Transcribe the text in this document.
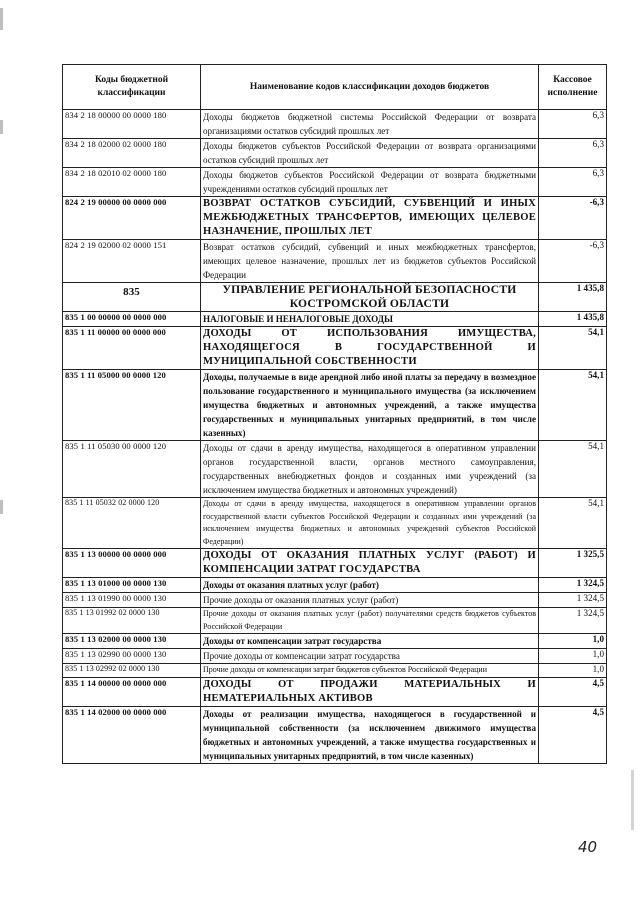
Коды бюджетной классификации	Наименование кодов классификации доходов бюджетов	Кассовое исполнение
834 2 18 00000 00 0000 180	Доходы бюджетов бюджетной системы Российской Федерации от возврата организациями остатков субсидий прошлых лет	6,3
834 2 18 02000 02 0000 180	Доходы бюджетов субъектов Российской Федерации от возврата организациями остатков субсидий прошлых лет	6,3
834 2 18 02010 02 0000 180	Доходы бюджетов субъектов Российской Федерации от возврата бюджетными учреждениями остатков субсидий прошлых лет	6,3
824 2 19 00000 00 0000 000	ВОЗВРАТ ОСТАТКОВ СУБСИДИЙ, СУБВЕНЦИЙ И ИНЫХ МЕЖБЮДЖЕТНЫХ ТРАНСФЕРТОВ, ИМЕЮЩИХ ЦЕЛЕВОЕ НАЗНАЧЕНИЕ, ПРОШЛЫХ ЛЕТ	-6,3
824 2 19 02000 02 0000 151	Возврат остатков субсидий, субвенций и иных межбюджетных трансфертов, имеющих целевое назначение, прошлых лет из бюджетов субъектов Российской Федерации	-6,3
835	УПРАВЛЕНИЕ РЕГИОНАЛЬНОЙ БЕЗОПАСНОСТИ КОСТРОМСКОЙ ОБЛАСТИ	1 435,8
835 1 00 00000 00 0000 000	НАЛОГОВЫЕ И НЕНАЛОГОВЫЕ ДОХОДЫ	1 435,8
835 1 11 00000 00 0000 000	ДОХОДЫ ОТ ИСПОЛЬЗОВАНИЯ ИМУЩЕСТВА, НАХОДЯЩЕГОСЯ В ГОСУДАРСТВЕННОЙ И МУНИЦИПАЛЬНОЙ СОБСТВЕННОСТИ	54,1
835 1 11 05000 00 0000 120	Доходы, получаемые в виде арендной либо иной платы за передачу в возмездное пользование государственного и муниципального имущества (за исключением имущества бюджетных и автономных учреждений, а также имущества государственных и муниципальных унитарных предприятий, в том числе казенных)	54,1
835 1 11 05030 00 0000 120	Доходы от сдачи в аренду имущества, находящегося в оперативном управлении органов государственной власти, органов местного самоуправления, государственных внебюджетных фондов и созданных ими учреждений (за исключением имущества бюджетных и автономных учреждений)	54,1
835 1 11 05032 02 0000 120	Доходы от сдачи в аренду имущества, находящегося в оперативном управлении органов государственной власти субъектов Российской Федерации и созданных ими учреждений (за исключением имущества бюджетных и автономных учреждений субъектов Российской Федерации)	54,1
835 1 13 00000 00 0000 000	ДОХОДЫ ОТ ОКАЗАНИЯ ПЛАТНЫХ УСЛУГ (РАБОТ) И КОМПЕНСАЦИИ ЗАТРАТ ГОСУДАРСТВА	1 325,5
835 1 13 01000 00 0000 130	Доходы от оказания платных услуг (работ)	1 324,5
835 1 13 01990 00 0000 130	Прочие доходы от оказания платных услуг (работ)	1 324,5
835 1 13 01992 02 0000 130	Прочие доходы от оказания платных услуг (работ) получателями средств бюджетов субъектов Российской Федерации	1 324,5
835 1 13 02000 00 0000 130	Доходы от компенсации затрат государства	1,0
835 1 13 02990 00 0000 130	Прочие доходы от компенсации затрат государства	1,0
835 1 13 02992 02 0000 130	Прочие доходы от компенсации затрат бюджетов субъектов Российской Федерации	1,0
835 1 14 00000 00 0000 000	ДОХОДЫ ОТ ПРОДАЖИ МАТЕРИАЛЬНЫХ И НЕМАТЕРИАЛЬНЫХ АКТИВОВ	4,5
835 1 14 02000 00 0000 000	Доходы от реализации имущества, находящегося в государственной и муниципальной собственности (за исключением движимого имущества бюджетных и автономных учреждений, а также имущества государственных и муниципальных унитарных предприятий, в том числе казенных)	4,5
40
